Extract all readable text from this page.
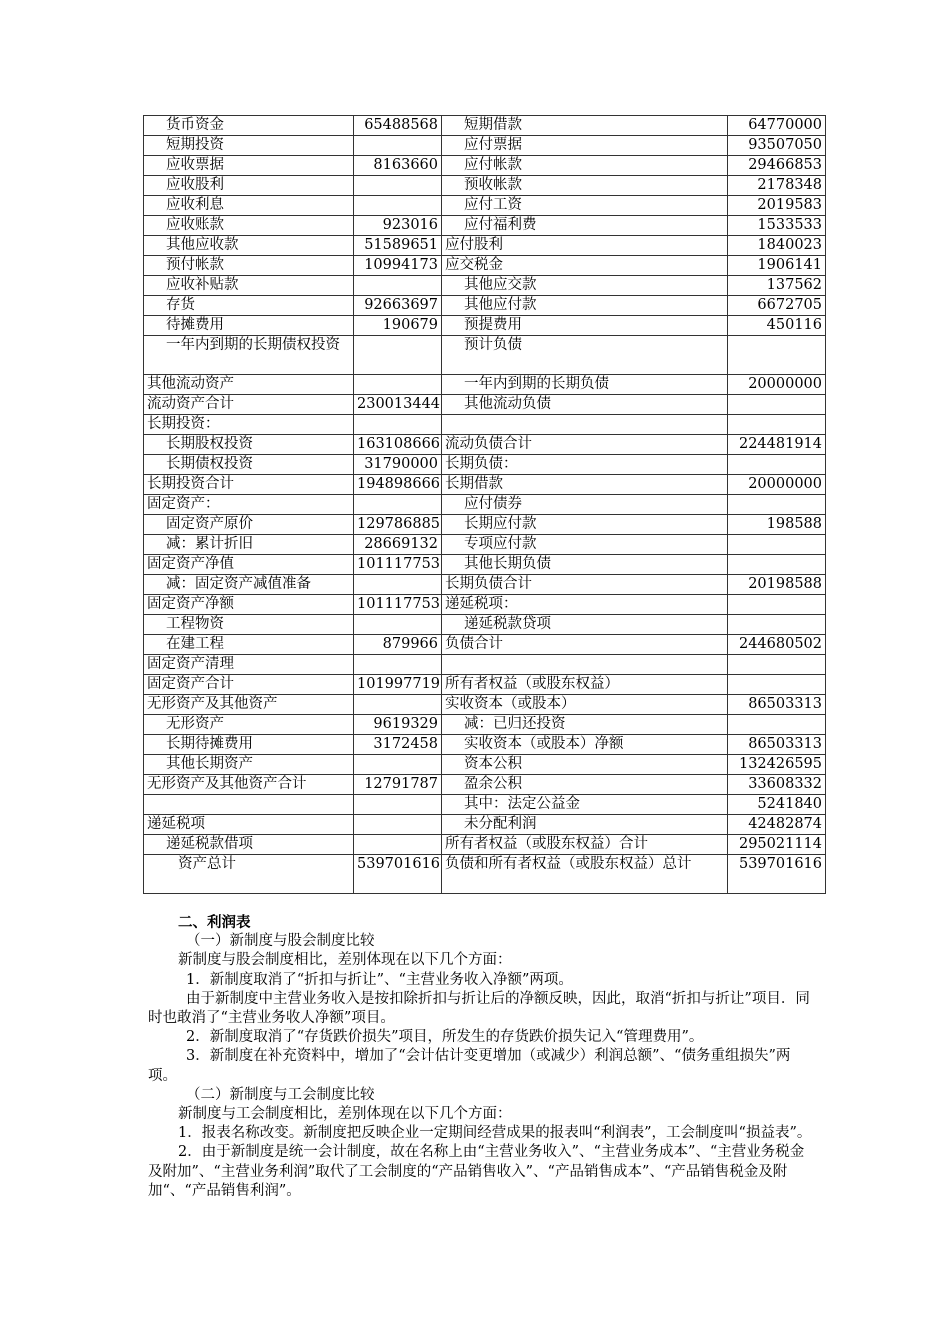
货币资金	65488568	短期借款	64770000
短期投资		应付票据	93507050
应收票据	8163660	应付帐款	29466853
应收股利		预收帐款	2178348
应收利息		应付工资	2019583
应收账款	923016	应付福利费	1533533
其他应收款	51589651	应付股利	1840023
预付帐款	10994173	应交税金	1906141
应收补贴款		其他应交款	137562
存货	92663697	其他应付款	6672705
待摊费用	190679	预提费用	450116
一年内到期的长期债权投资		预计负债	
其他流动资产		一年内到期的长期负债	20000000
流动资产合计	230013444	其他流动负债	
长期投资：			
长期股权投资	163108666	流动负债合计	224481914
长期债权投资	31790000	长期负债：	
长期投资合计	194898666	长期借款	20000000
固定资产：		应付债券	
固定资产原价	129786885	长期应付款	198588
减：累计折旧	28669132	专项应付款	
固定资产净值	101117753	其他长期负债	
减：固定资产减值准备		长期负债合计	20198588
固定资产净额	101117753	递延税项：	
工程物资		递延税款贷项	
在建工程	879966	负债合计	244680502
固定资产清理			
固定资产合计	101997719	所有者权益（或股东权益）	
无形资产及其他资产		实收资本（或股本）	86503313
无形资产	9619329	减：已归还投资	
长期待摊费用	3172458	实收资本（或股本）净额	86503313
其他长期资产		资本公积	132426595
无形资产及其他资产合计	12791787	盈余公积	33608332
		其中：法定公益金	5241840
递延税项		未分配利润	42482874
递延税款借项		所有者权益（或股东权益）合计	295021114
资产总计	539701616	负债和所有者权益（或股东权益）总计	539701616

二、利润表

（一）新制度与股会制度比较

新制度与股会制度相比，差别体现在以下几个方面：

1．新制度取消了“折扣与折让”、“主营业务收入净额”两项。

由于新制度中主营业务收入是按扣除折扣与折让后的净额反映，因此，取消“折扣与折让”项目．同时也敢消了“主营业务收人净额”项目。

2．新制度取消了“存货跌价损失”项目，所发生的存货跌价损失记入“管理费用”。

3．新制度在补充资料中，增加了“会计估计变更增加（或减少）利润总额”、“债务重组损失”两项。

（二）新制度与工会制度比较

新制度与工会制度相比，差别体现在以下几个方面：

1．报表名称改变。新制度把反映企业一定期间经营成果的报表叫“利润表”，工会制度叫“损益表”。

2．由于新制度是统一会计制度，故在名称上由“主营业务收入”、“主营业务成本”、“主营业务税金及附加”、“主营业务利润”取代了工会制度的“产品销售收入”、“产品销售成本”、“产品销售税金及附加“、“产品销售利润”。
